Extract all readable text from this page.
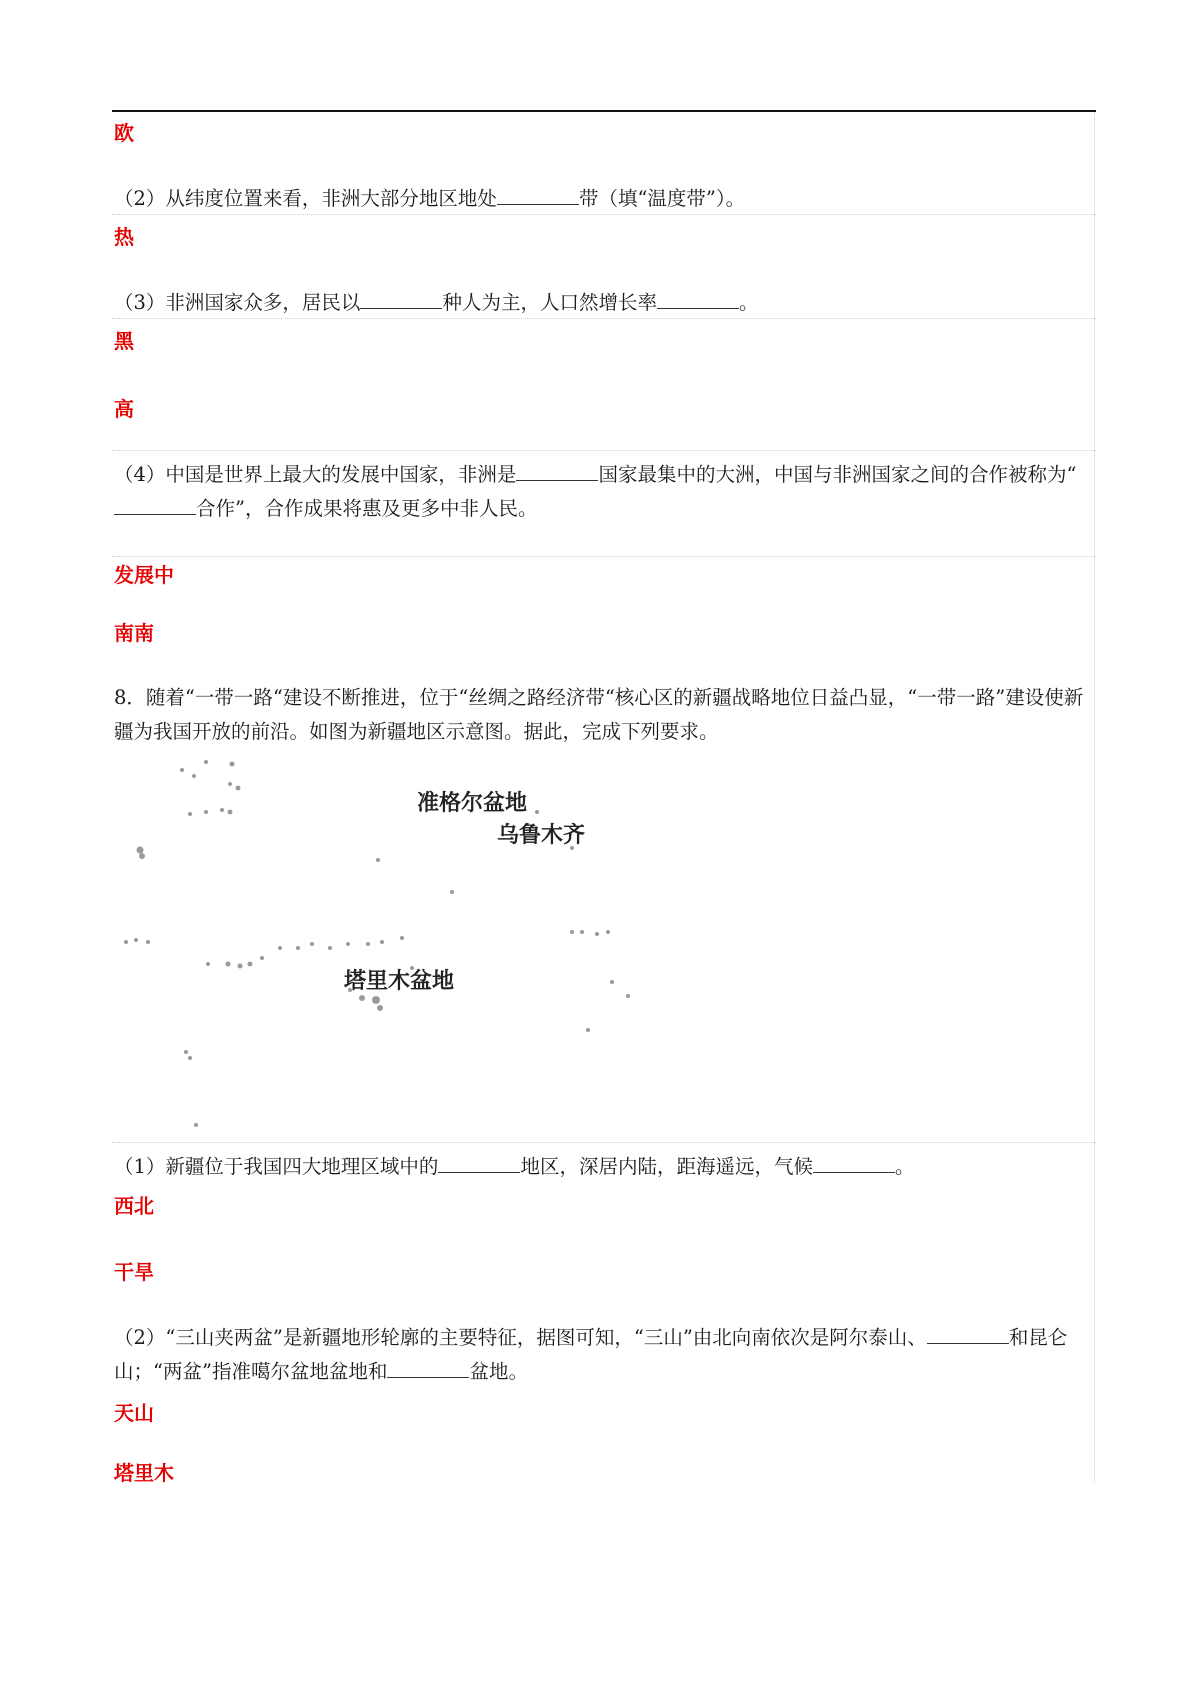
欧
（2）从纬度位置来看，非洲大部分地区地处	带（填“温度带”）。
热
（3）非洲国家众多，居民以	种人为主，人口然增长率	。
黑
高
（4）中国是世界上最大的发展中国家，非洲是	国家最集中的大洲，中国与非洲国家之间的合作被称为“合作”，合作成果将惠及更多中非人民。
发展中
南南
8．随着“一带一路“建设不断推进，位于“丝绸之路经济带“核心区的新疆战略地位日益凸显，“一带一路”建设使新疆为我国开放的前沿。如图为新疆地区示意图。据此，完成下列要求。
准格尔盆地
乌鲁木齐
塔里木盆地
（1）新疆位于我国四大地理区域中的	地区，深居内陆，距海遥远，气候	。
西北
干旱
（2）“三山夹两盆”是新疆地形轮廓的主要特征，据图可知，“三山”由北向南依次是阿尔泰山、	和昆仑山；“两盆”指准噶尔盆地盆地和	盆地。
天山
塔里木
